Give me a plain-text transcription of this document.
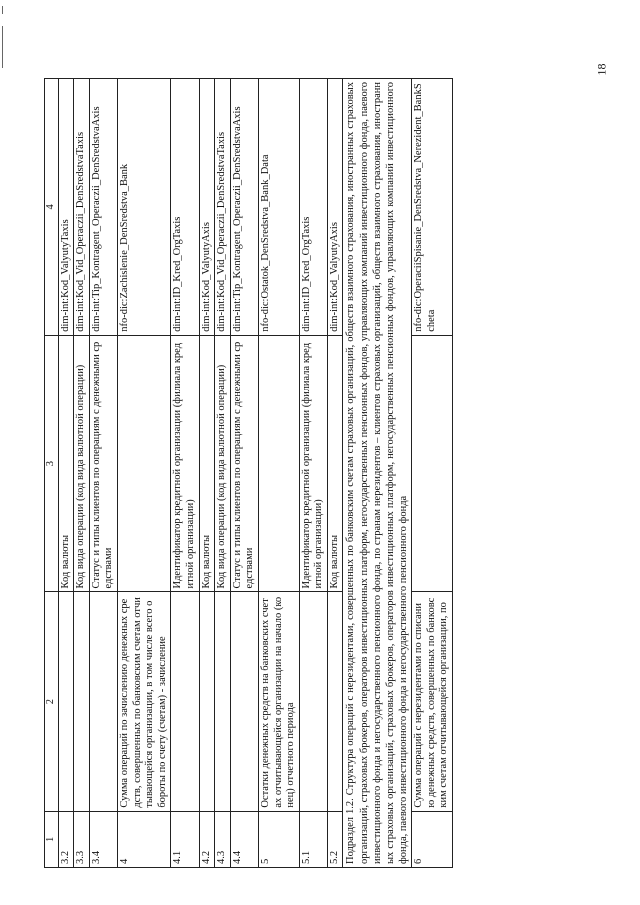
18
1	2	3	4
3.2		Код валюты	dim-int:Kod_ValyutyTaxis
3.3		Код вида операции (код вида валютной операции)	dim-int:Kod_Vid_Operaczii_DenSredstvaTaxis
3.4		Статус и типы клиентов по операциям с денежными средствами	dim-int:Tip_Kontragent_Operaczii_DenSredstvaAxis
4	Сумма операций по зачислению денежных средств, совершенных по банковским счетам отчитывающейся организации, в том числе всего обороты по счету (счетам) - зачисление		nfo-dic:Zachislenie_DenSredstva_Bank
4.1		Идентификатор кредитной организации (филиала кредитной организации)	dim-int:ID_Kred_OrgTaxis
4.2		Код валюты	dim-int:Kod_ValyutyAxis
4.3		Код вида операции (код вида валютной операции)	dim-int:Kod_Vid_Operaczii_DenSredstvaTaxis
4.4		Статус и типы клиентов по операциям с денежными средствами	dim-int:Tip_Kontragent_Operaczii_DenSredstvaAxis
5	Остатки денежных средств на банковских счетах отчитывающейся организации на начало (конец) отчетного периода		nfo-dic:Ostatok_DenSredstva_Bank_Data
5.1		Идентификатор кредитной организации (филиала кредитной организации)	dim-int:ID_Kred_OrgTaxis
5.2		Код валюты	dim-int:Kod_ValyutyAxis
Подраздел 1.2. Структура операций с нерезидентами, совершенных по банковским счетам страховых организаций, обществ взаимного страхования, иностранных страховых организаций, страховых брокеров, операторов инвестиционных платформ, негосударственных пенсионных фондов, управляющих компаний инвестиционного фонда, паевого инвестиционного фонда и негосударственного пенсионного фонда, по странам нерезидентов – клиентов страховых организаций, обществ взаимного страхования, иностранных страховых организаций, страховых брокеров, операторов инвестиционных платформ, негосударственных пенсионных фондов, управляющих компаний инвестиционного фонда, паевого инвестиционного фонда и негосударственного пенсионного фонда			
6	Сумма операций с нерезидентами по списанию денежных средств, совершенных по банковским счетам отчитывающейся организации, по		nfo-dic:OperaciiSpisanie_DenSredstva_Nerezident_BankScheta
